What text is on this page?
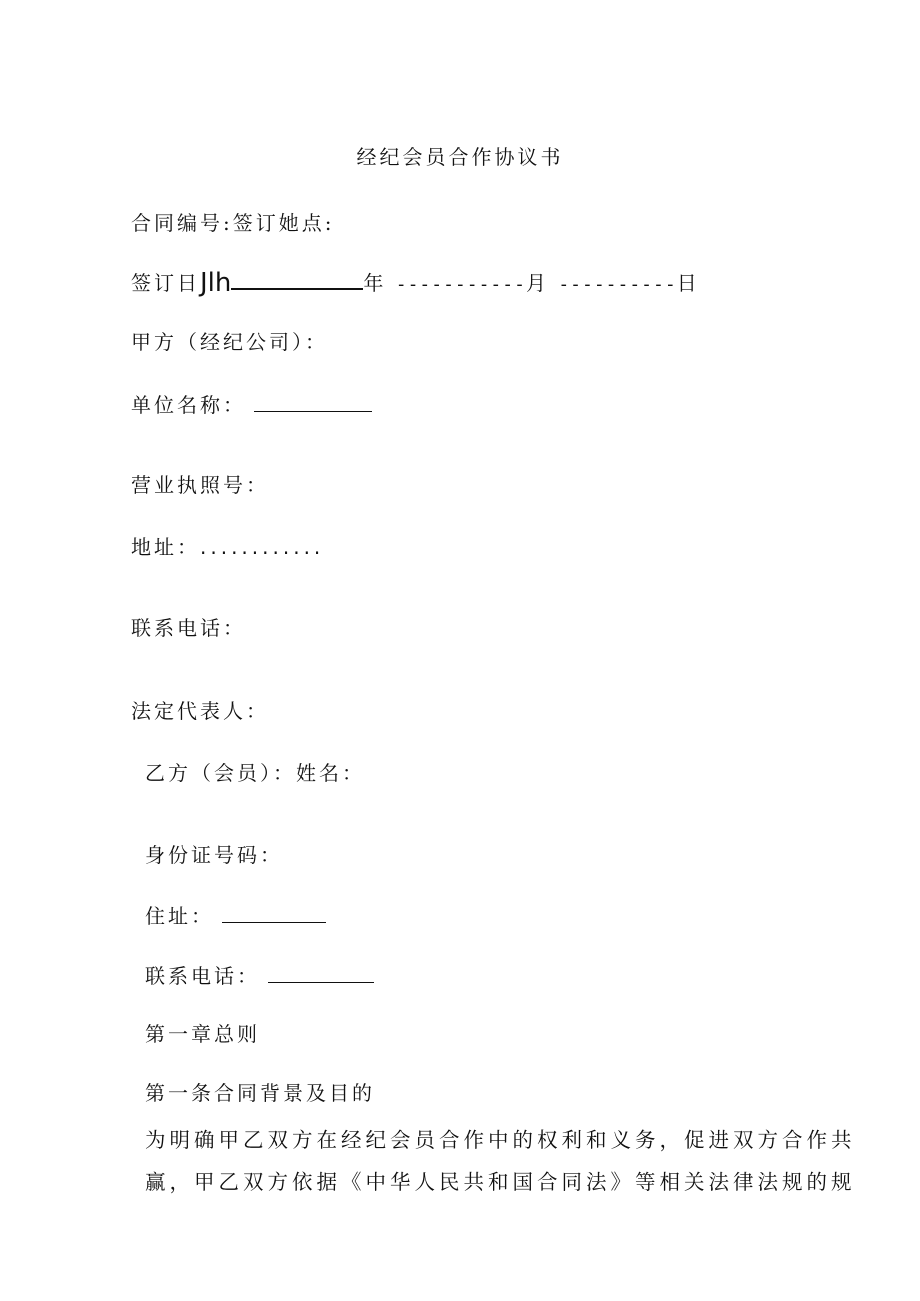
经纪会员合作协议书
合同编号:签订她点:
签订日Jlh	年 -----------月 ----------日
甲方（经纪公司）：
单位名称：
营业执照号：
地址：............
联系电话：
法定代表人：
乙方（会员）：姓名：
身份证号码：
住址：
联系电话：
第一章总则
第一条合同背景及目的
为明确甲乙双方在经纪会员合作中的权利和义务，促进双方合作共
赢，甲乙双方依据《中华人民共和国合同法》等相关法律法规的规
